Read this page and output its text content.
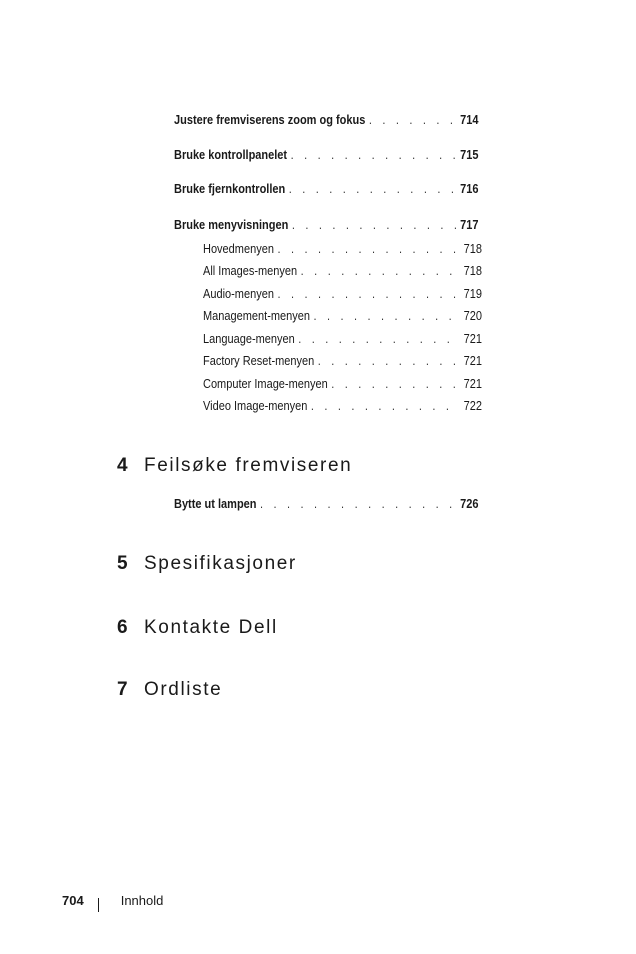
Justere fremviserens zoom og fokus . . .	714
Bruke kontrollpanelet . . .	715
Bruke fjernkontrollen . . .	716
Bruke menyvisningen . . .	717
Hovedmenyen . . .	718
All Images-menyen . . .	718
Audio-menyen . . .	719
Management-menyen . . .	720
Language-menyen . . .	721
Factory Reset-menyen . . .	721
Computer Image-menyen . . .	721
Video Image-menyen . . .	722
4 Feilsøke fremviseren
Bytte ut lampen . . .	726
5 Spesifikasjoner
6 Kontakte Dell
7 Ordliste
704	Innhold
